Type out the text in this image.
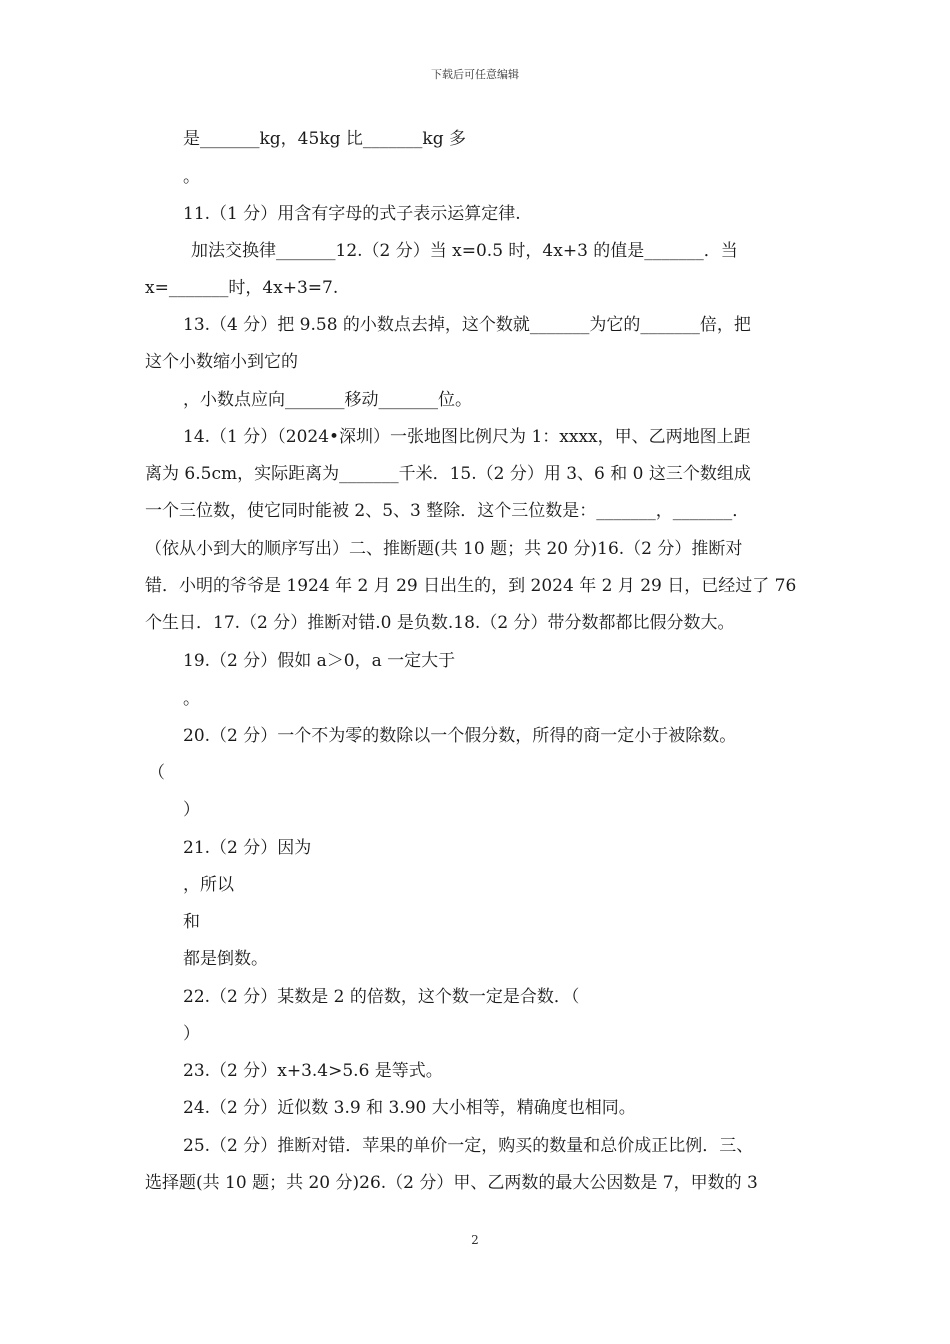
下载后可任意编辑
是_______kg，45kg 比_______kg 多
。
11.（1 分）用含有字母的式子表示运算定律.
加法交换律_______12.（2 分）当 x=0.5 时，4x+3 的值是_______．当
x=_______时，4x+3=7.
13.（4 分）把 9.58 的小数点去掉，这个数就_______为它的_______倍，把
这个小数缩小到它的
，小数点应向_______移动_______位。
14.（1 分）（2024•深圳）一张地图比例尺为 1：xxxx，甲、乙两地图上距
离为 6.5cm，实际距离为_______千米．15.（2 分）用 3、6 和 0 这三个数组成
一个三位数，使它同时能被 2、5、3 整除．这个三位数是：_______，_______．
（依从小到大的顺序写出）二、推断题(共 10 题；共 20 分)16.（2 分）推断对
错．小明的爷爷是 1924 年 2 月 29 日出生的，到 2024 年 2 月 29 日，已经过了 76
个生日．17.（2 分）推断对错.0 是负数.18.（2 分）带分数都都比假分数大。
19.（2 分）假如 a＞0，a 一定大于
。
20.（2 分）一个不为零的数除以一个假分数，所得的商一定小于被除数。
（
）
21.（2 分）因为
，所以
和
都是倒数。
22.（2 分）某数是 2 的倍数，这个数一定是合数．（
）
23.（2 分）x+3.4>5.6 是等式。
24.（2 分）近似数 3.9 和 3.90 大小相等，精确度也相同。
25.（2 分）推断对错．苹果的单价一定，购买的数量和总价成正比例．三、
选择题(共 10 题；共 20 分)26.（2 分）甲、乙两数的最大公因数是 7，甲数的 3
2
